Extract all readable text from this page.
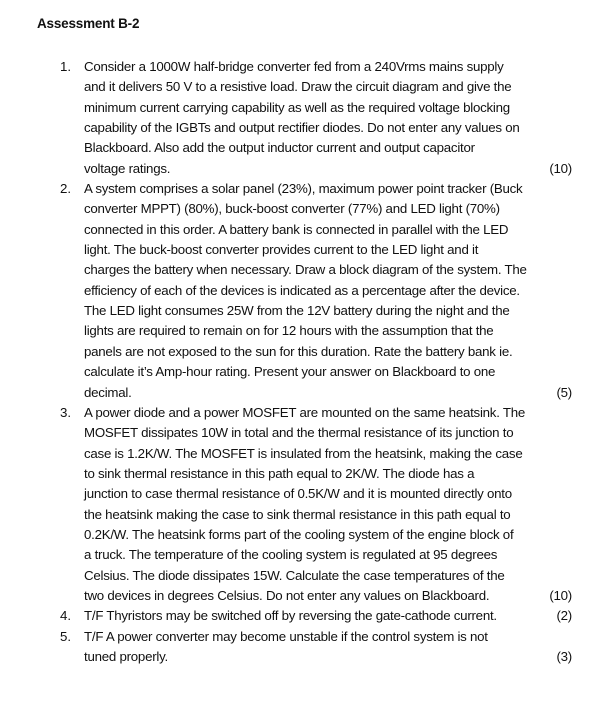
Assessment B-2
1. Consider a 1000W half-bridge converter fed from a 240Vrms mains supply
and it delivers 50 V to a resistive load. Draw the circuit diagram and give the
minimum current carrying capability as well as the required voltage blocking
capability of the IGBTs and output rectifier diodes. Do not enter any values on
Blackboard. Also add the output inductor current and output capacitor
voltage ratings.	(10)
2. A system comprises a solar panel (23%), maximum power point tracker (Buck
converter MPPT) (80%), buck-boost converter (77%) and LED light (70%)
connected in this order. A battery bank is connected in parallel with the LED
light. The buck-boost converter provides current to the LED light and it
charges the battery when necessary. Draw a block diagram of the system. The
efficiency of each of the devices is indicated as a percentage after the device.
The LED light consumes 25W from the 12V battery during the night and the
lights are required to remain on for 12 hours with the assumption that the
panels are not exposed to the sun for this duration. Rate the battery bank ie.
calculate it’s Amp-hour rating. Present your answer on Blackboard to one
decimal.	(5)
3. A power diode and a power MOSFET are mounted on the same heatsink. The
MOSFET dissipates 10W in total and the thermal resistance of its junction to
case is 1.2K/W. The MOSFET is insulated from the heatsink, making the case
to sink thermal resistance in this path equal to 2K/W. The diode has a
junction to case thermal resistance of 0.5K/W and it is mounted directly onto
the heatsink making the case to sink thermal resistance in this path equal to
0.2K/W. The heatsink forms part of the cooling system of the engine block of
a truck. The temperature of the cooling system is regulated at 95 degrees
Celsius. The diode dissipates 15W. Calculate the case temperatures of the
two devices in degrees Celsius. Do not enter any values on Blackboard.	(10)
4. T/F Thyristors may be switched off by reversing the gate-cathode current.	(2)
5. T/F A power converter may become unstable if the control system is not
tuned properly.	(3)
